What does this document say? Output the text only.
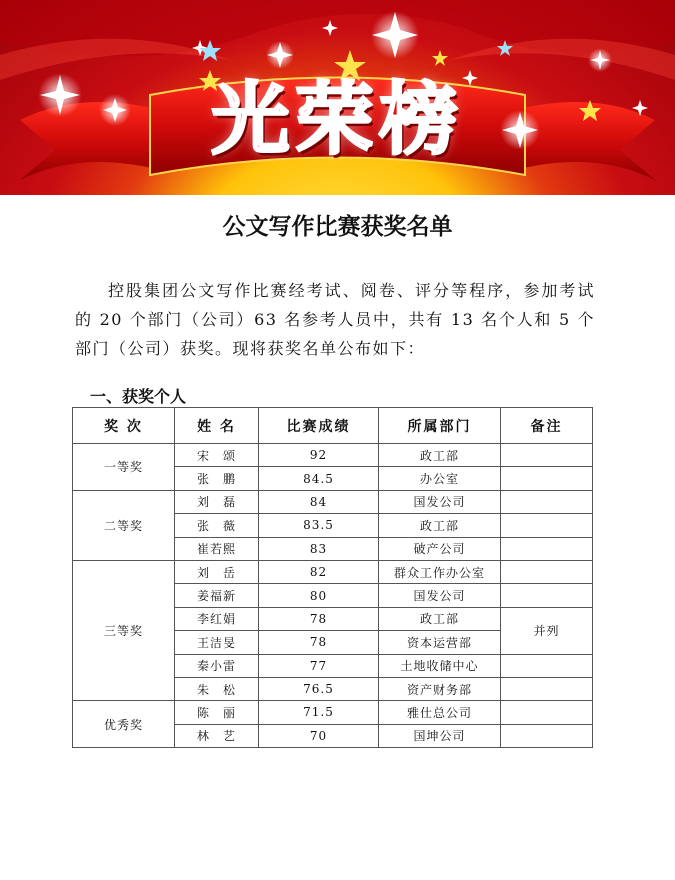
光荣榜
公文写作比赛获奖名单

控股集团公文写作比赛经考试、阅卷、评分等程序，参加考试的 20 个部门（公司）63 名参考人员中，共有 13 名个人和 5 个部门（公司）获奖。现将获奖名单公布如下：

一、获奖个人
奖 次	姓 名	比赛成绩	所属部门	备注
一等奖	宋　颂	92	政工部	
	张　鹏	84.5	办公室	
二等奖	刘　磊	84	国发公司	
	张　薇	83.5	政工部	
	崔若熙	83	破产公司	
三等奖	刘　岳	82	群众工作办公室	
	姜福新	80	国发公司	
	李红娟	78	政工部	并列
	王洁旻	78	资本运营部	
	秦小雷	77	土地收储中心	
	朱　松	76.5	资产财务部	
优秀奖	陈　丽	71.5	雅仕总公司	
	林　艺	70	国坤公司	
